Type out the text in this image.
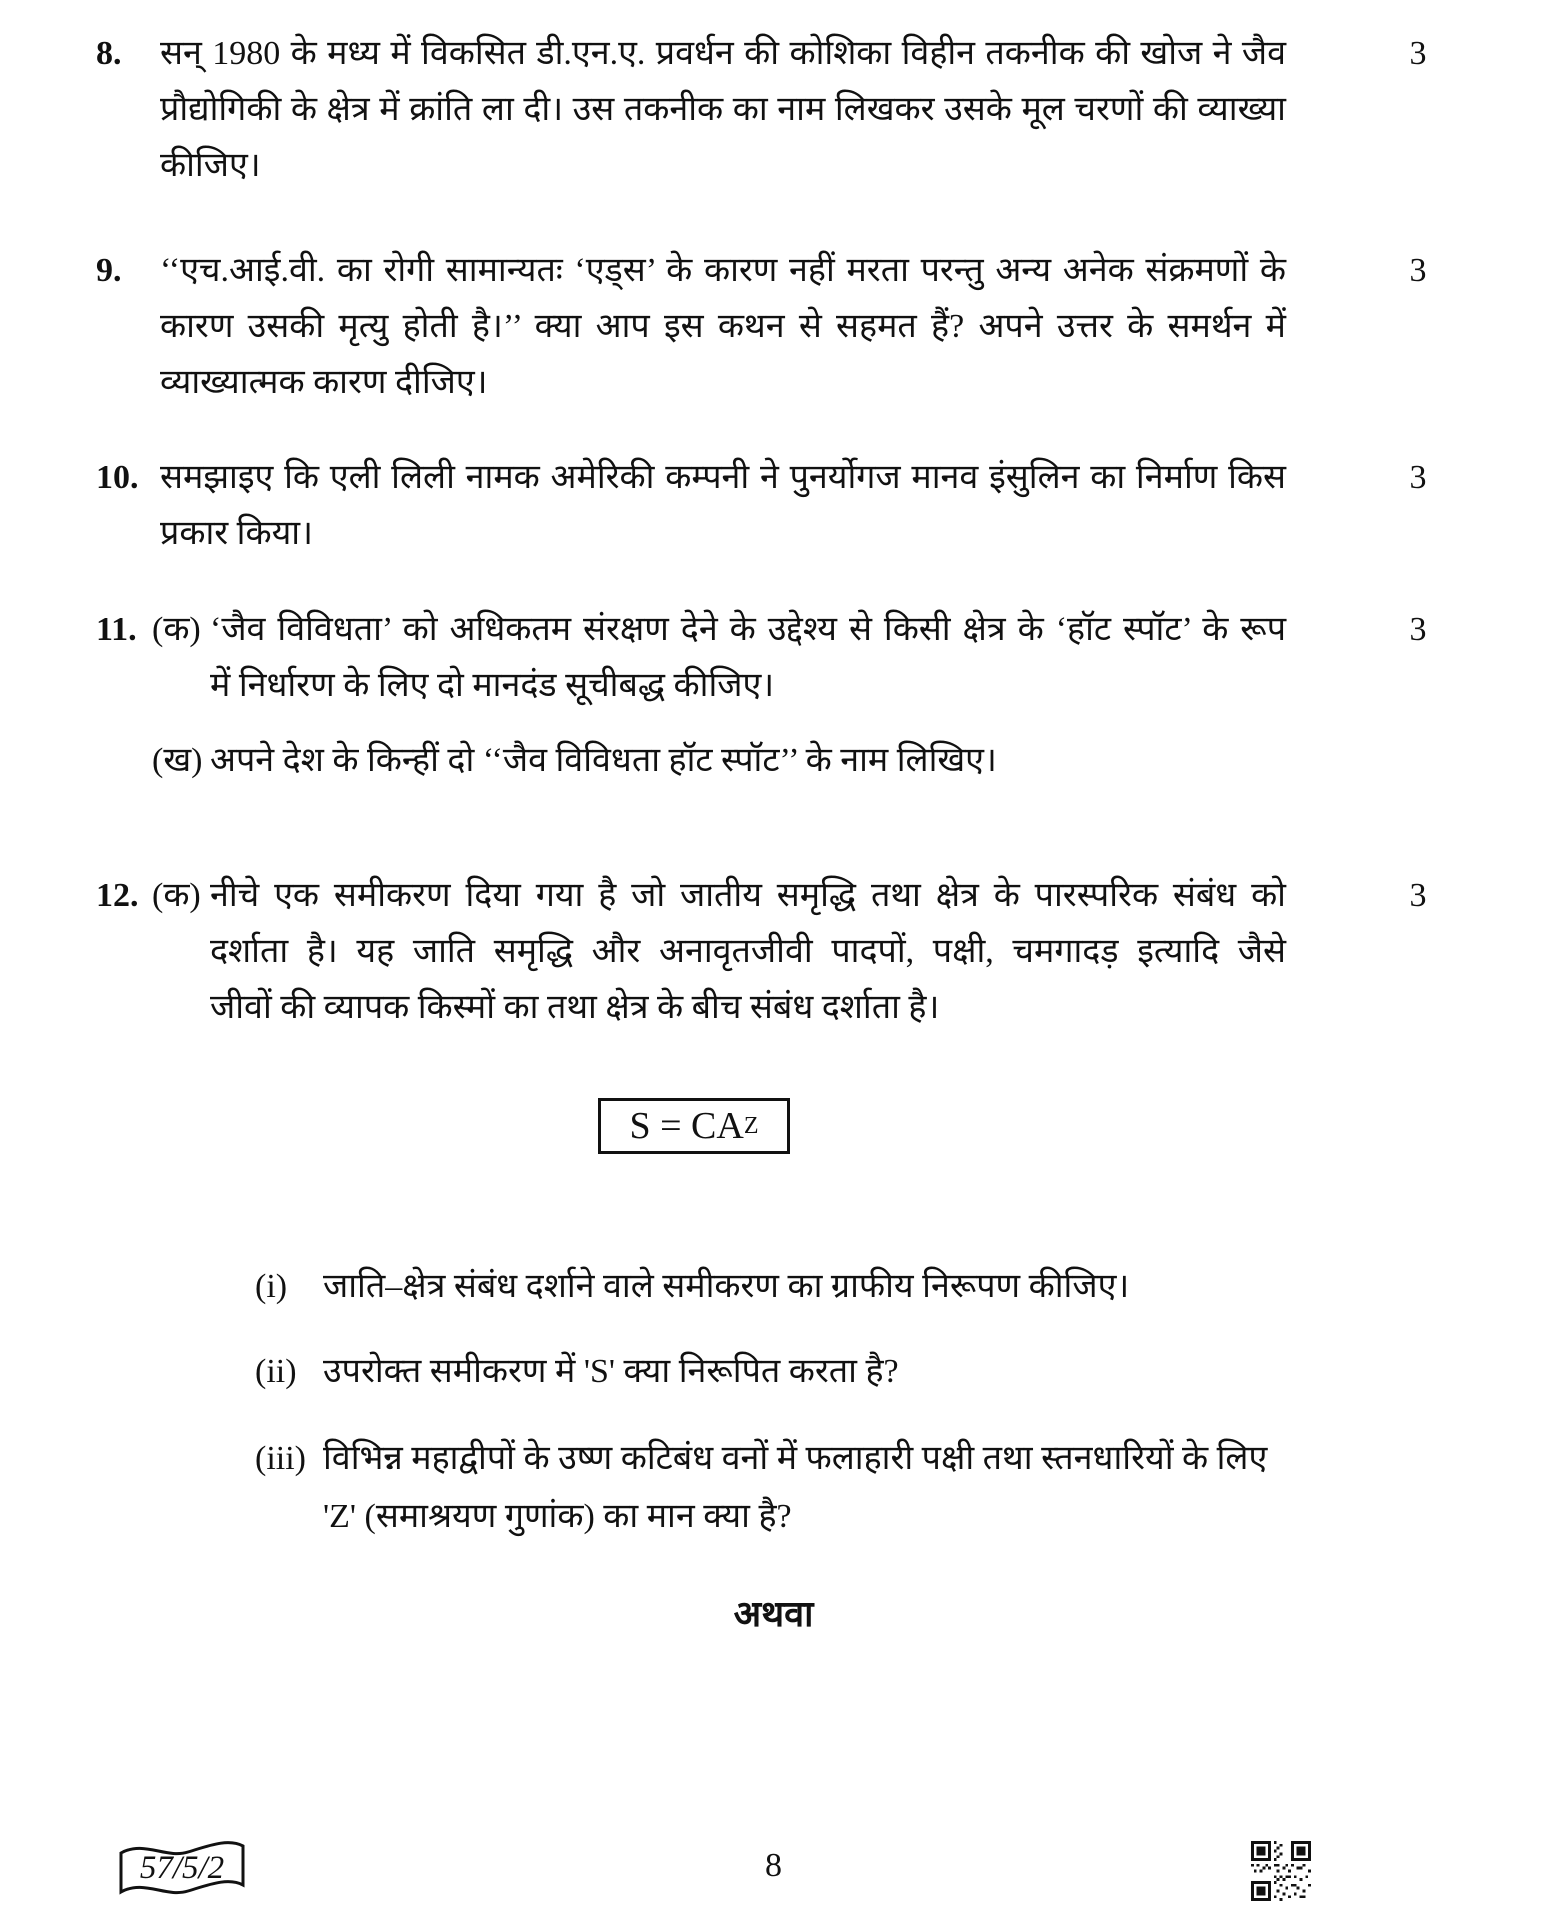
8. सन् 1980 के मध्य में विकसित डी.एन.ए. प्रवर्धन की कोशिका विहीन तकनीक की खोज ने जैव
प्रौद्योगिकी के क्षेत्र में क्रांति ला दी। उस तकनीक का नाम लिखकर उसके मूल चरणों की व्याख्या
कीजिए।
3
9. ‘‘एच.आई.वी. का रोगी सामान्यतः ‘एड्स’ के कारण नहीं मरता परन्तु अन्य अनेक संक्रमणों के
कारण उसकी मृत्यु होती है।’’ क्या आप इस कथन से सहमत हैं? अपने उत्तर के समर्थन में
व्याख्यात्मक कारण दीजिए।
3
10. समझाइए कि एली लिली नामक अमेरिकी कम्पनी ने पुनर्योगज मानव इंसुलिन का निर्माण किस
प्रकार किया।
3
11. (क) ‘जैव विविधता’ को अधिकतम संरक्षण देने के उद्देश्य से किसी क्षेत्र के ‘हॉट स्पॉट’ के रूप
में निर्धारण के लिए दो मानदंड सूचीबद्ध कीजिए।
3
(ख) अपने देश के किन्हीं दो ‘‘जैव विविधता हॉट स्पॉट’’ के नाम लिखिए।
12. (क) नीचे एक समीकरण दिया गया है जो जातीय समृद्धि तथा क्षेत्र के पारस्परिक संबंध को
दर्शाता है। यह जाति समृद्धि और अनावृतजीवी पादपों, पक्षी, चमगादड़ इत्यादि जैसे
जीवों की व्यापक किस्मों का तथा क्षेत्र के बीच संबंध दर्शाता है।
3
S = CA Z
(i) जाति–क्षेत्र संबंध दर्शाने वाले समीकरण का ग्राफीय निरूपण कीजिए।
(ii) उपरोक्त समीकरण में 'S' क्या निरूपित करता है?
(iii) विभिन्न महाद्वीपों के उष्ण कटिबंध वनों में फलाहारी पक्षी तथा स्तनधारियों के लिए
'Z' (समाश्रयण गुणांक) का मान क्या है?
अथवा
57/5/2	8
